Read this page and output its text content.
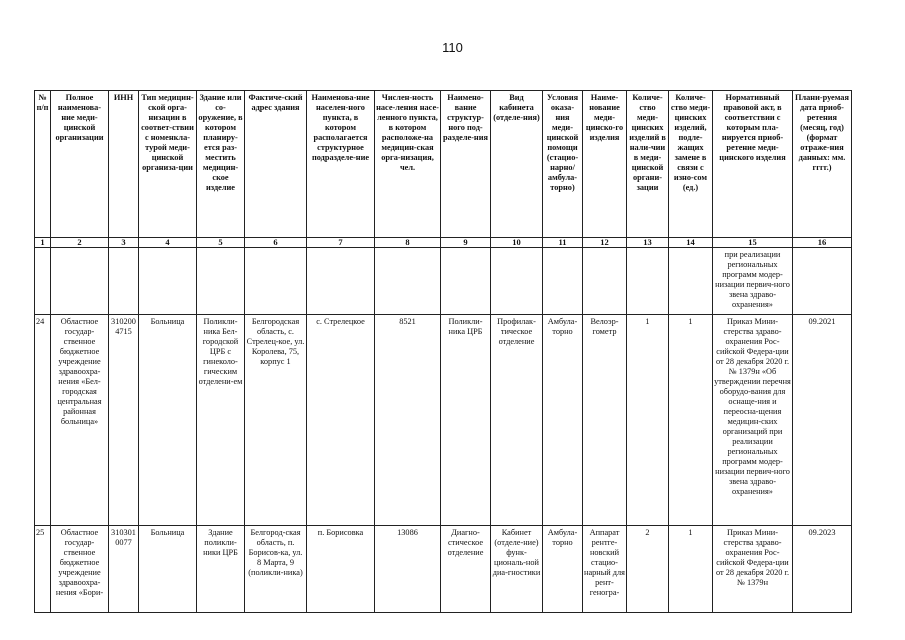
110
№ п/п	Полное наименова-ние меди-цинской организации	ИНН	Тип медицин-ской орга-низации в соответ-ствии с номенкла-турой меди-цинской организа-ции	Здание или со-оружение, в котором планиру-ется раз-местить медицин-ское изделие	Фактиче-ский адрес здания	Наименова-ние населен-ного пункта, в котором располагается структурное подразделе-ние	Числен-ность насе-ления насе-ленного пункта, в котором расположе-на медицин-ская орга-низация, чел.	Наимено-вание структур-ного под-разделе-ния	Вид кабинета (отделе-ния)	Условия оказа-ния меди-цинской помощи (стацио-нарно/ амбула-торно)	Наиме-нование меди-цинско-го изделия	Количе-ство меди-цинских изделий в нали-чии в меди-цинской органи-зации	Количе-ство меди-цинских изделий, подле-жащих замене в связи с изно-сом (ед.)	Нормативный правовой акт, в соответствии с которым пла-нируется приоб-ретение меди-цинского изделия	Плани-руемая дата приоб-ретения (месяц, год) (формат отраже-ния данных: мм. гггг.)
1	2	3	4	5	6	7	8	9	10	11	12	13	14	15	16
														при реализации региональных программ модер-низации первич-ного звена здраво-охранения»	
24	Областное государ-ственное бюджетное учреждение здравоохра-нения «Бел-городская центральная районная больница»	3102004715	Больница	Поликли-ника Бел-городской ЦРБ с гинеколо-гическим отделени-ем	Белгородская область, с. Стрелец-кое, ул. Королева, 75, корпус 1	с. Стрелецкое	8521	Поликли-ника ЦРБ	Профилак-тическое отделение	Амбула-торно	Велоэр-гометр	1	1	Приказ Мини-стерства здраво-охранения Рос-сийской Федера-ции от 28 декабря 2020 г. № 1379н «Об утверждении перечня оборудо-вания для оснаще-ния и переосна-щения медицин-ских организаций при реализации региональных программ модер-низации первич-ного звена здраво-охранения»	09.2021
25	Областное государ-ственное бюджетное учреждение здравоохра-нения «Бори-	3103010077	Больница	Здание поликли-ники ЦРБ	Белгород-ская область, п. Борисов-ка, ул. 8 Марта, 9 (поликли-ника)	п. Борисовка	13086	Диагно-стическое отделение	Кабинет (отделе-ние) функ-циональ-ной диа-гностики	Амбула-торно	Аппарат рентге-новский стацио-нарный для рент-геногра-	2	1	Приказ Мини-стерства здраво-охранения Рос-сийской Федера-ции от 28 декабря 2020 г. № 1379н	09.2023
